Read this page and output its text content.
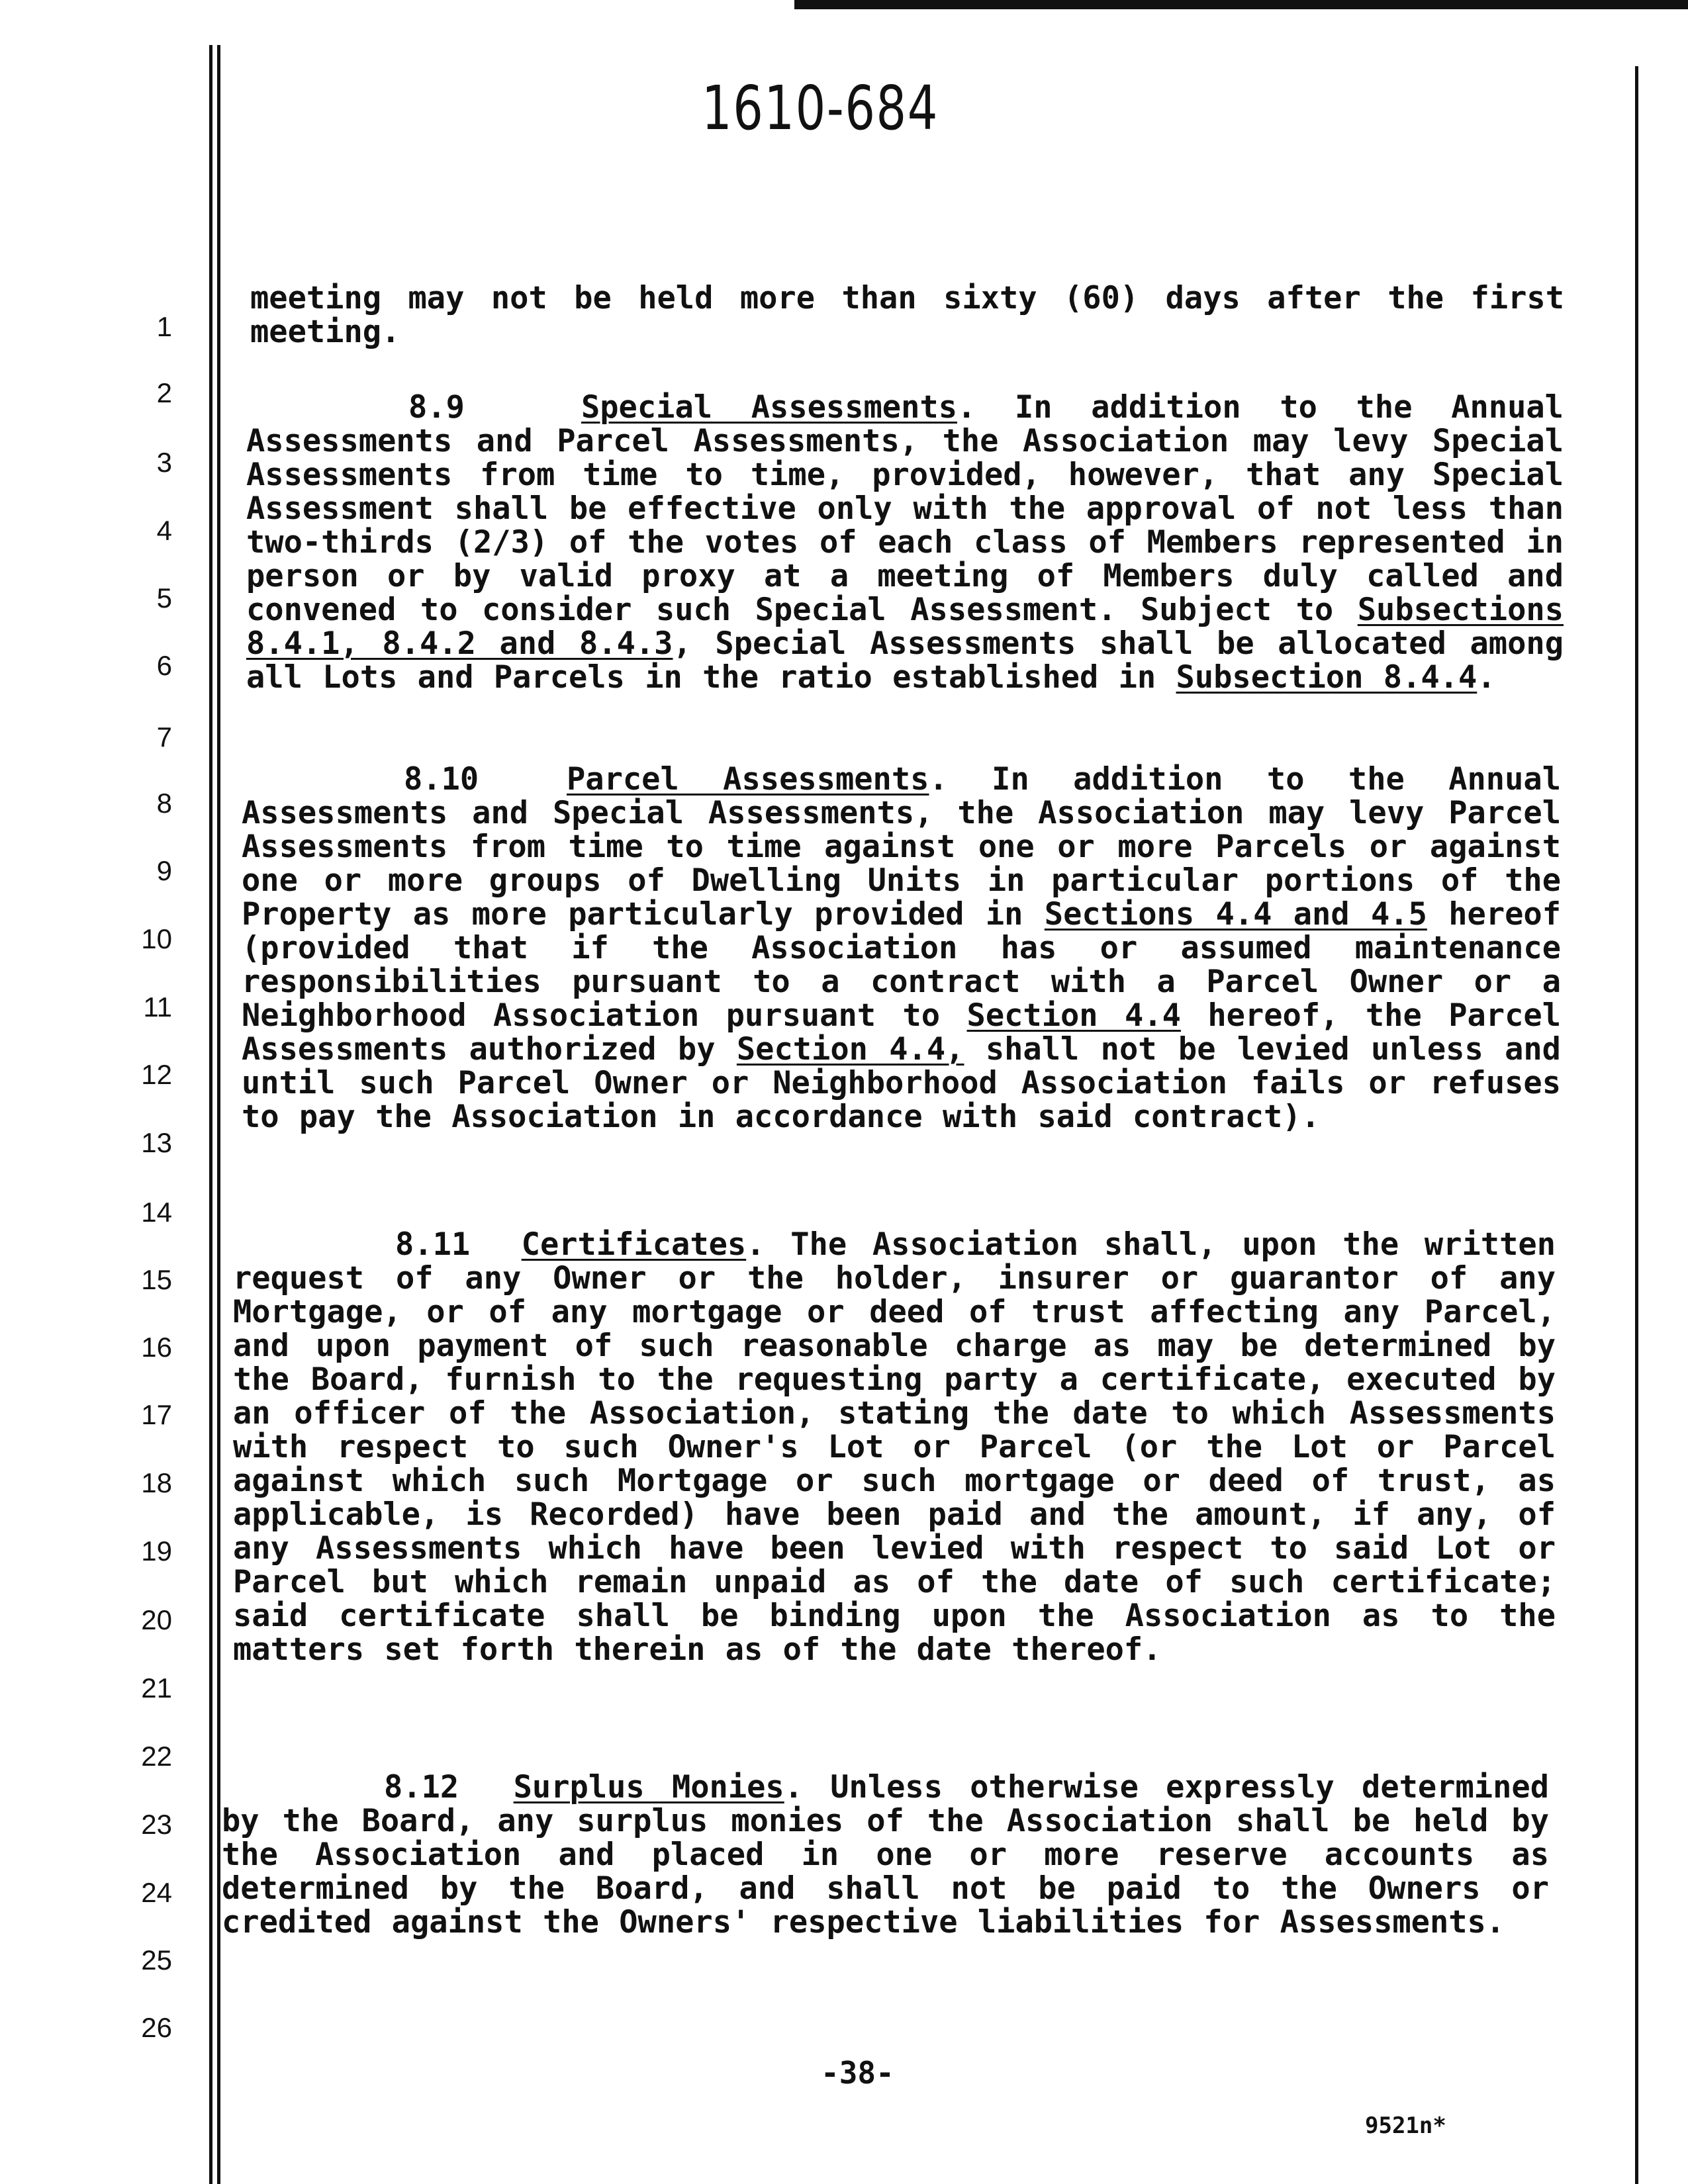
1610-684
1
2
3
4
5
6
7
8
9
10
11
12
13
14
15
16
17
18
19
20
21
22
23
24
25
26

meeting may not be held more than sixty (60) days after the first meeting.

8.9	Special Assessments. In addition to the Annual Assessments and Parcel Assessments, the Association may levy Special Assessments from time to time, provided, however, that any Special Assessment shall be effective only with the approval of not less than two-thirds (2/3) of the votes of each class of Members represented in person or by valid proxy at a meeting of Members duly called and convened to consider such Special Assessment. Subject to Subsections 8.4.1, 8.4.2 and 8.4.3, Special Assessments shall be allocated among all Lots and Parcels in the ratio established in Subsection 8.4.4.

8.10	Parcel Assessments. In addition to the Annual Assessments and Special Assessments, the Association may levy Parcel Assessments from time to time against one or more Parcels or against one or more groups of Dwelling Units in particular portions of the Property as more particularly provided in Sections 4.4 and 4.5 hereof (provided that if the Association has or assumed maintenance responsibilities pursuant to a contract with a Parcel Owner or a Neighborhood Association pursuant to Section 4.4 hereof, the Parcel Assessments authorized by Section 4.4, shall not be levied unless and until such Parcel Owner or Neighborhood Association fails or refuses to pay the Association in accordance with said contract).

8.11 Certificates. The Association shall, upon the written request of any Owner or the holder, insurer or guarantor of any Mortgage, or of any mortgage or deed of trust affecting any Parcel, and upon payment of such reasonable charge as may be determined by the Board, furnish to the requesting party a certificate, executed by an officer of the Association, stating the date to which Assessments with respect to such Owner's Lot or Parcel (or the Lot or Parcel against which such Mortgage or such mortgage or deed of trust, as applicable, is Recorded) have been paid and the amount, if any, of any Assessments which have been levied with respect to said Lot or Parcel but which remain unpaid as of the date of such certificate; said certificate shall be binding upon the Association as to the matters set forth therein as of the date thereof.

8.12 Surplus Monies. Unless otherwise expressly determined by the Board, any surplus monies of the Association shall be held by the Association and placed in one or more reserve accounts as determined by the Board, and shall not be paid to the Owners or credited against the Owners' respective liabilities for Assessments.

-38-
9521n*
